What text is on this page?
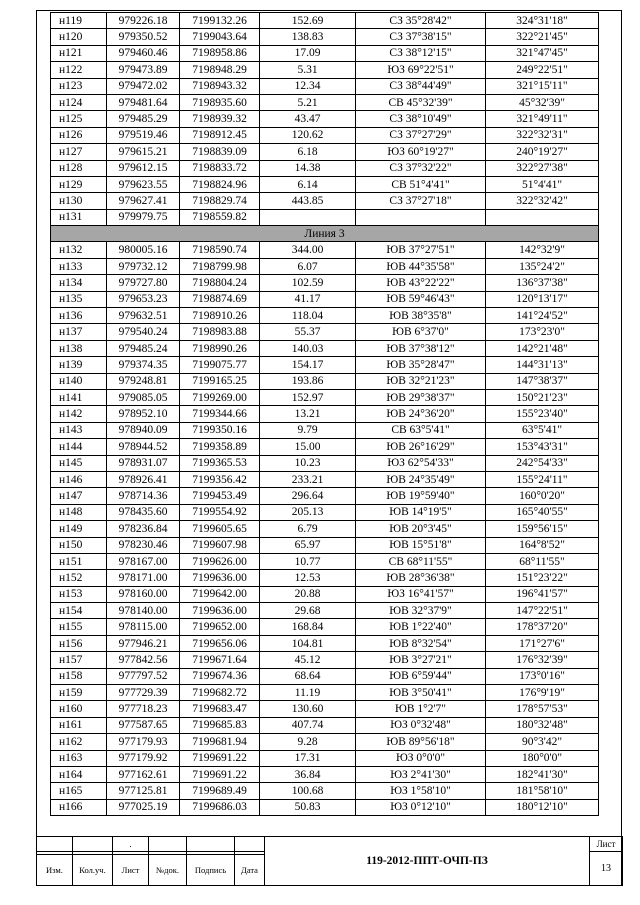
н119	979226.18	7199132.26	152.69	СЗ 35°28'42"	324°31'18"
н120	979350.52	7199043.64	138.83	СЗ 37°38'15"	322°21'45"
н121	979460.46	7198958.86	17.09	СЗ 38°12'15"	321°47'45"
н122	979473.89	7198948.29	5.31	ЮЗ 69°22'51"	249°22'51"
н123	979472.02	7198943.32	12.34	СЗ 38°44'49"	321°15'11"
н124	979481.64	7198935.60	5.21	СВ 45°32'39"	45°32'39"
н125	979485.29	7198939.32	43.47	СЗ 38°10'49"	321°49'11"
н126	979519.46	7198912.45	120.62	СЗ 37°27'29"	322°32'31"
н127	979615.21	7198839.09	6.18	ЮЗ 60°19'27"	240°19'27"
н128	979612.15	7198833.72	14.38	СЗ 37°32'22"	322°27'38"
н129	979623.55	7198824.96	6.14	СВ 51°4'41"	51°4'41"
н130	979627.41	7198829.74	443.85	СЗ 37°27'18"	322°32'42"
н131	979979.75	7198559.82			
Линия 3					
н132	980005.16	7198590.74	344.00	ЮВ 37°27'51"	142°32'9"
н133	979732.12	7198799.98	6.07	ЮВ 44°35'58"	135°24'2"
н134	979727.80	7198804.24	102.59	ЮВ 43°22'22"	136°37'38"
н135	979653.23	7198874.69	41.17	ЮВ 59°46'43"	120°13'17"
н136	979632.51	7198910.26	118.04	ЮВ 38°35'8"	141°24'52"
н137	979540.24	7198983.88	55.37	ЮВ 6°37'0"	173°23'0"
н138	979485.24	7198990.26	140.03	ЮВ 37°38'12"	142°21'48"
н139	979374.35	7199075.77	154.17	ЮВ 35°28'47"	144°31'13"
н140	979248.81	7199165.25	193.86	ЮВ 32°21'23"	147°38'37"
н141	979085.05	7199269.00	152.97	ЮВ 29°38'37"	150°21'23"
н142	978952.10	7199344.66	13.21	ЮВ 24°36'20"	155°23'40"
н143	978940.09	7199350.16	9.79	СВ 63°5'41"	63°5'41"
н144	978944.52	7199358.89	15.00	ЮВ 26°16'29"	153°43'31"
н145	978931.07	7199365.53	10.23	ЮЗ 62°54'33"	242°54'33"
н146	978926.41	7199356.42	233.21	ЮВ 24°35'49"	155°24'11"
н147	978714.36	7199453.49	296.64	ЮВ 19°59'40"	160°0'20"
н148	978435.60	7199554.92	205.13	ЮВ 14°19'5"	165°40'55"
н149	978236.84	7199605.65	6.79	ЮВ 20°3'45"	159°56'15"
н150	978230.46	7199607.98	65.97	ЮВ 15°51'8"	164°8'52"
н151	978167.00	7199626.00	10.77	СВ 68°11'55"	68°11'55"
н152	978171.00	7199636.00	12.53	ЮВ 28°36'38"	151°23'22"
н153	978160.00	7199642.00	20.88	ЮЗ 16°41'57"	196°41'57"
н154	978140.00	7199636.00	29.68	ЮВ 32°37'9"	147°22'51"
н155	978115.00	7199652.00	168.84	ЮВ 1°22'40"	178°37'20"
н156	977946.21	7199656.06	104.81	ЮВ 8°32'54"	171°27'6"
н157	977842.56	7199671.64	45.12	ЮВ 3°27'21"	176°32'39"
н158	977797.52	7199674.36	68.64	ЮВ 6°59'44"	173°0'16"
н159	977729.39	7199682.72	11.19	ЮВ 3°50'41"	176°9'19"
н160	977718.23	7199683.47	130.60	ЮВ 1°2'7"	178°57'53"
н161	977587.65	7199685.83	407.74	ЮЗ 0°32'48"	180°32'48"
н162	977179.93	7199681.94	9.28	ЮВ 89°56'18"	90°3'42"
н163	977179.92	7199691.22	17.31	ЮЗ 0°0'0"	180°0'0"
н164	977162.61	7199691.22	36.84	ЮЗ 2°41'30"	182°41'30"
н165	977125.81	7199689.49	100.68	ЮЗ 1°58'10"	181°58'10"
н166	977025.19	7199686.03	50.83	ЮЗ 0°12'10"	180°12'10"
		.				119-2012-ППТ-ОЧП-ПЗ	Лист
							13
Изм.	Кол.уч.	Лист	№док.	Подпись	Дата		
